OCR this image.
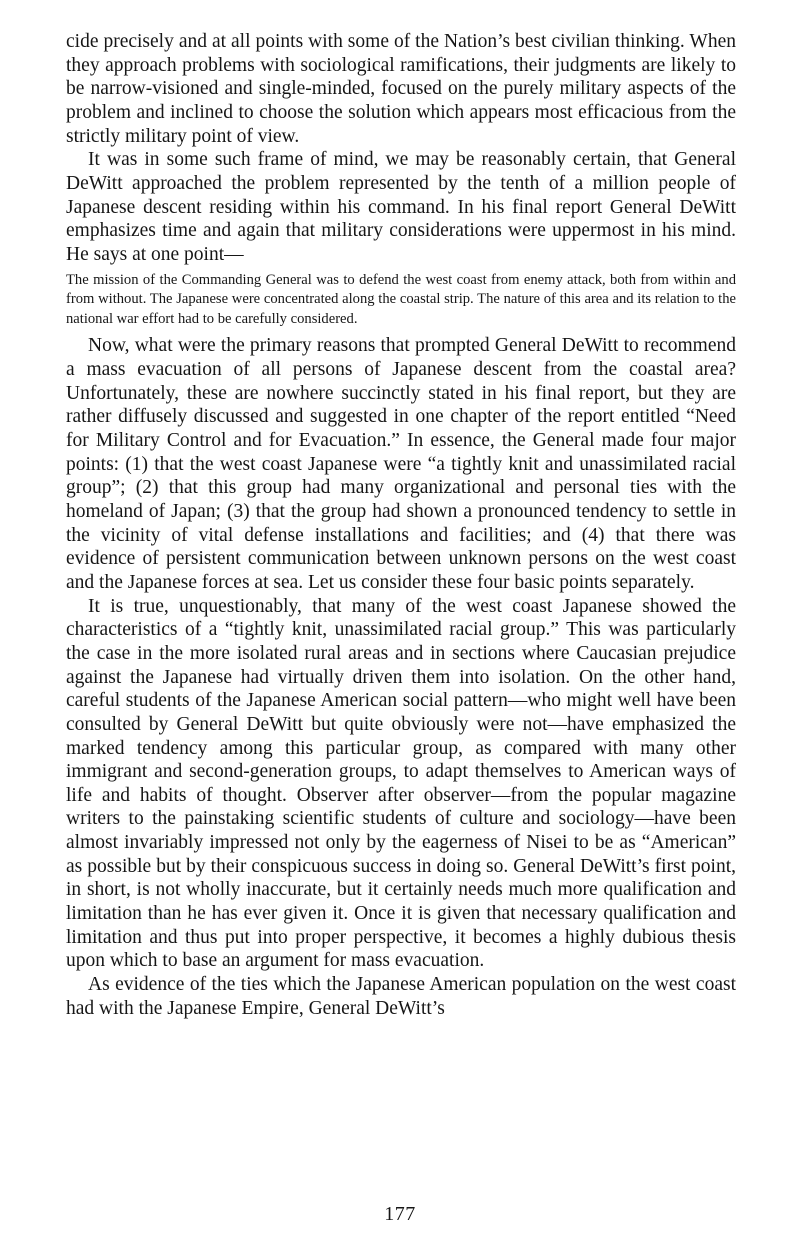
cide precisely and at all points with some of the Nation’s best civilian thinking. When they approach problems with sociological ramifications, their judgments are likely to be narrow-visioned and single-minded, focused on the purely military aspects of the problem and inclined to choose the solution which appears most efficacious from the strictly military point of view.

It was in some such frame of mind, we may be reasonably certain, that General DeWitt approached the problem represented by the tenth of a million people of Japanese descent residing within his command. In his final report General DeWitt emphasizes time and again that military considerations were uppermost in his mind. He says at one point—

The mission of the Commanding General was to defend the west coast from enemy attack, both from within and from without. The Japanese were concentrated along the coastal strip. The nature of this area and its relation to the national war effort had to be carefully considered.

Now, what were the primary reasons that prompted General DeWitt to recommend a mass evacuation of all persons of Japanese descent from the coastal area? Unfortunately, these are nowhere succinctly stated in his final report, but they are rather diffusely discussed and suggested in one chapter of the report entitled “Need for Military Control and for Evacuation.” In essence, the General made four major points: (1) that the west coast Japanese were “a tightly knit and unassimilated racial group”; (2) that this group had many organizational and personal ties with the homeland of Japan; (3) that the group had shown a pronounced tendency to settle in the vicinity of vital defense installations and facilities; and (4) that there was evidence of persistent communication between unknown persons on the west coast and the Japanese forces at sea. Let us consider these four basic points separately.

It is true, unquestionably, that many of the west coast Japanese showed the characteristics of a “tightly knit, unassimilated racial group.” This was particularly the case in the more isolated rural areas and in sections where Caucasian prejudice against the Japanese had virtually driven them into isolation. On the other hand, careful students of the Japanese American social pattern—who might well have been consulted by General DeWitt but quite obviously were not—have emphasized the marked tendency among this particular group, as compared with many other immigrant and second-generation groups, to adapt themselves to American ways of life and habits of thought. Observer after observer—from the popular magazine writers to the painstaking scientific students of culture and sociology—have been almost invariably impressed not only by the eagerness of Nisei to be as “American” as possible but by their conspicuous success in doing so. General DeWitt’s first point, in short, is not wholly inaccurate, but it certainly needs much more qualification and limitation than he has ever given it. Once it is given that necessary qualification and limitation and thus put into proper perspective, it becomes a highly dubious thesis upon which to base an argument for mass evacuation.

As evidence of the ties which the Japanese American population on the west coast had with the Japanese Empire, General DeWitt’s

177
